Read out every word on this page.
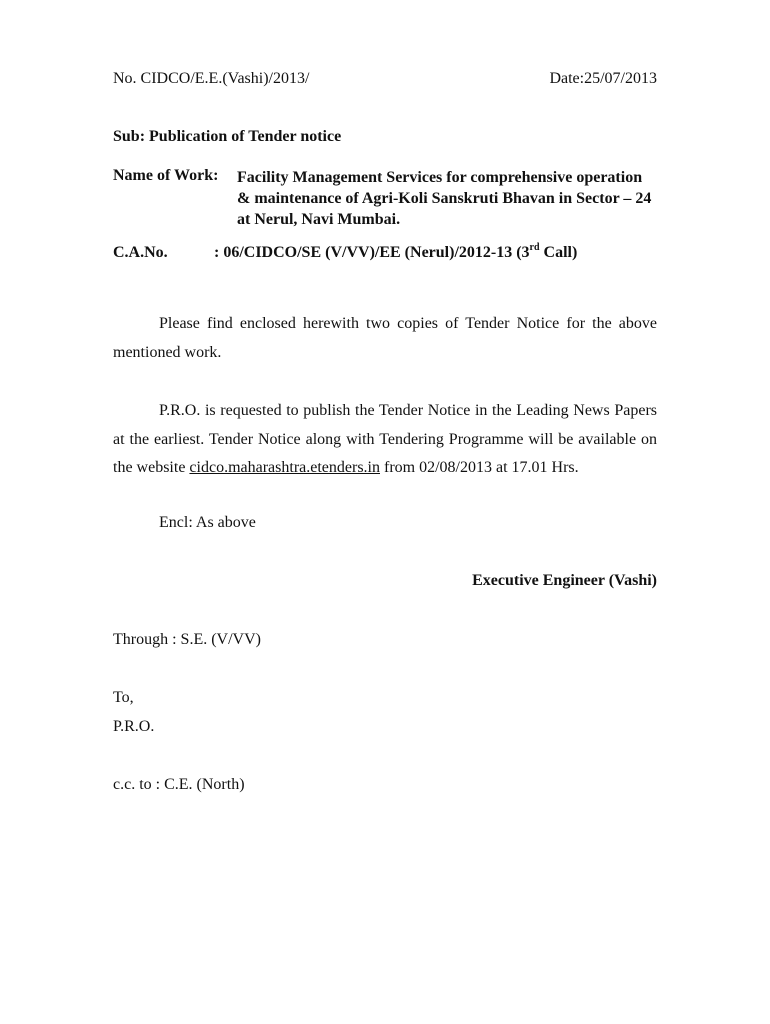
No. CIDCO/E.E.(Vashi)/2013/	Date:25/07/2013
Sub: Publication of Tender notice
Name of Work: Facility Management Services for comprehensive operation
& maintenance of Agri-Koli Sanskruti Bhavan in Sector – 24
at Nerul, Navi Mumbai.
C.A.No.	: 06/CIDCO/SE (V/VV)/EE (Nerul)/2012-13 (3rd Call)
Please find enclosed herewith two copies of Tender Notice for the above
mentioned work.
P.R.O. is requested to publish the Tender Notice in the Leading News Papers
at the earliest. Tender Notice along with Tendering Programme will be available on
the website cidco.maharashtra.etenders.in from 02/08/2013 at 17.01 Hrs.
Encl: As above
Executive Engineer (Vashi)
Through : S.E. (V/VV)
To,
P.R.O.
c.c. to : C.E. (North)
